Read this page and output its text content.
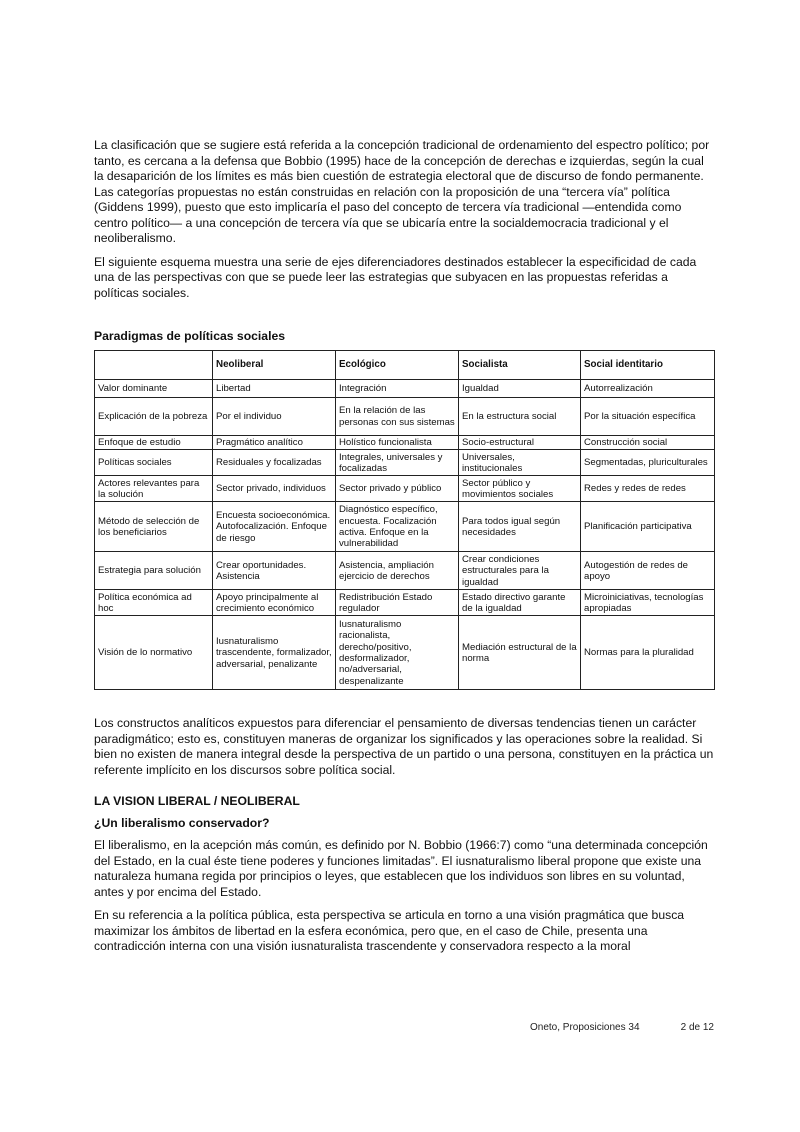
La clasificación que se sugiere está referida a la concepción tradicional de ordenamiento del espectro político; por tanto, es cercana a la defensa que Bobbio (1995) hace de la concepción de derechas e izquierdas, según la cual la desaparición de los límites es más bien cuestión de estrategia electoral que de discurso de fondo permanente. Las categorías propuestas no están construidas en relación con la proposición de una “tercera vía” política (Giddens 1999), puesto que esto implicaría el paso del concepto de tercera vía tradicional —entendida como centro político— a una concepción de tercera vía que se ubicaría entre la socialdemocracia tradicional y el neoliberalismo.

El siguiente esquema muestra una serie de ejes diferenciadores destinados establecer la especificidad de cada una de las perspectivas con que se puede leer las estrategias que subyacen en las propuestas referidas a políticas sociales.

Paradigmas de políticas sociales
	Neoliberal	Ecológico	Socialista	Social identitario
Valor dominante	Libertad	Integración	Igualdad	Autorrealización
Explicación de la pobreza	Por el individuo	En la relación de las personas con sus sistemas	En la estructura social	Por la situación específica
Enfoque de estudio	Pragmático analítico	Holístico funcionalista	Socio-estructural	Construcción social
Políticas sociales	Residuales y focalizadas	Integrales, universales y focalizadas	Universales, institucionales	Segmentadas, pluriculturales
Actores relevantes para la solución	Sector privado, individuos	Sector privado y público	Sector público y movimientos sociales	Redes y redes de redes
Método de selección de los beneficiarios	Encuesta socioeconómica. Autofocalización. Enfoque de riesgo	Diagnóstico específico, encuesta. Focalización activa. Enfoque en la vulnerabilidad	Para todos igual según necesidades	Planificación participativa
Estrategia para solución	Crear oportunidades. Asistencia	Asistencia, ampliación ejercicio de derechos	Crear condiciones estructurales para la igualdad	Autogestión de redes de apoyo
Política económica ad hoc	Apoyo principalmente al crecimiento económico	Redistribución Estado regulador	Estado directivo garante de la igualdad	Microiniciativas, tecnologías apropiadas
Visión de lo normativo	Iusnaturalismo trascendente, formalizador, adversarial, penalizante	Iusnaturalismo racionalista, derecho/positivo, desformalizador, no/adversarial, despenalizante	Mediación estructural de la norma	Normas para la pluralidad

Los constructos analíticos expuestos para diferenciar el pensamiento de diversas tendencias tienen un carácter paradigmático; esto es, constituyen maneras de organizar los significados y las operaciones sobre la realidad. Si bien no existen de manera integral desde la perspectiva de un partido o una persona, constituyen en la práctica un referente implícito en los discursos sobre política social.

LA VISION LIBERAL / NEOLIBERAL
¿Un liberalismo conservador?

El liberalismo, en la acepción más común, es definido por N. Bobbio (1966:7) como “una determinada concepción del Estado, en la cual éste tiene poderes y funciones limitadas”. El iusnaturalismo liberal propone que existe una naturaleza humana regida por principios o leyes, que establecen que los individuos son libres en su voluntad, antes y por encima del Estado.

En su referencia a la política pública, esta perspectiva se articula en torno a una visión pragmática que busca maximizar los ámbitos de libertad en la esfera económica, pero que, en el caso de Chile, presenta una contradicción interna con una visión iusnaturalista trascendente y conservadora respecto a la moral

Oneto, Proposiciones 34	2 de 12
